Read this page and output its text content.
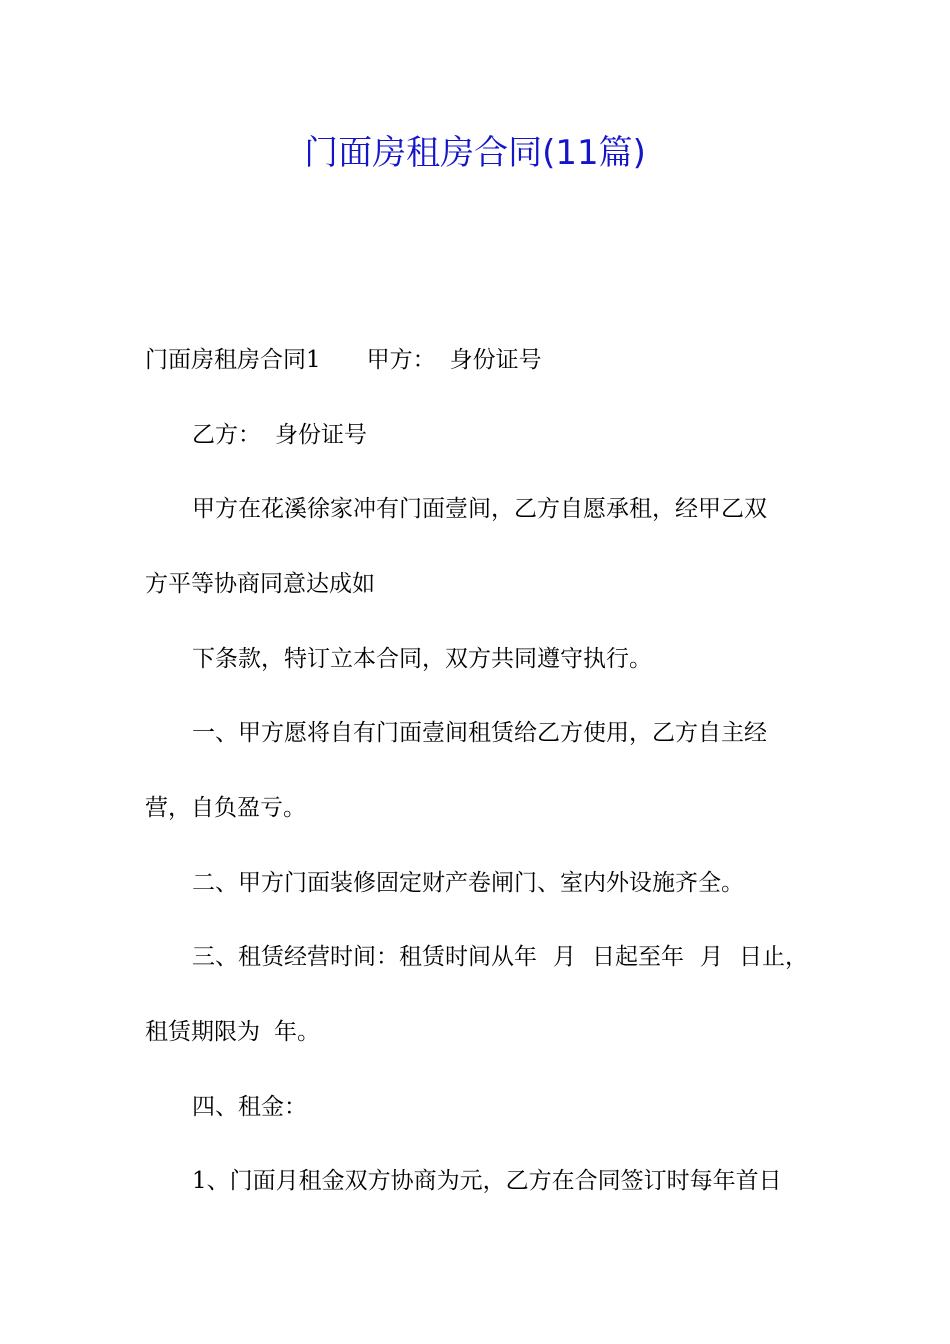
门面房租房合同(11篇)
门面房租房合同1 甲方： 身份证号
乙方： 身份证号
甲方在花溪徐家冲有门面壹间，乙方自愿承租，经甲乙双
方平等协商同意达成如
下条款，特订立本合同，双方共同遵守执行。
一、甲方愿将自有门面壹间租赁给乙方使用，乙方自主经
营，自负盈亏。
二、甲方门面装修固定财产卷闸门、室内外设施齐全。
三、租赁经营时间：租赁时间从年 月 日起至年 月 日止，
租赁期限为 年。
四、租金：
1、门面月租金双方协商为元，乙方在合同签订时每年首日
